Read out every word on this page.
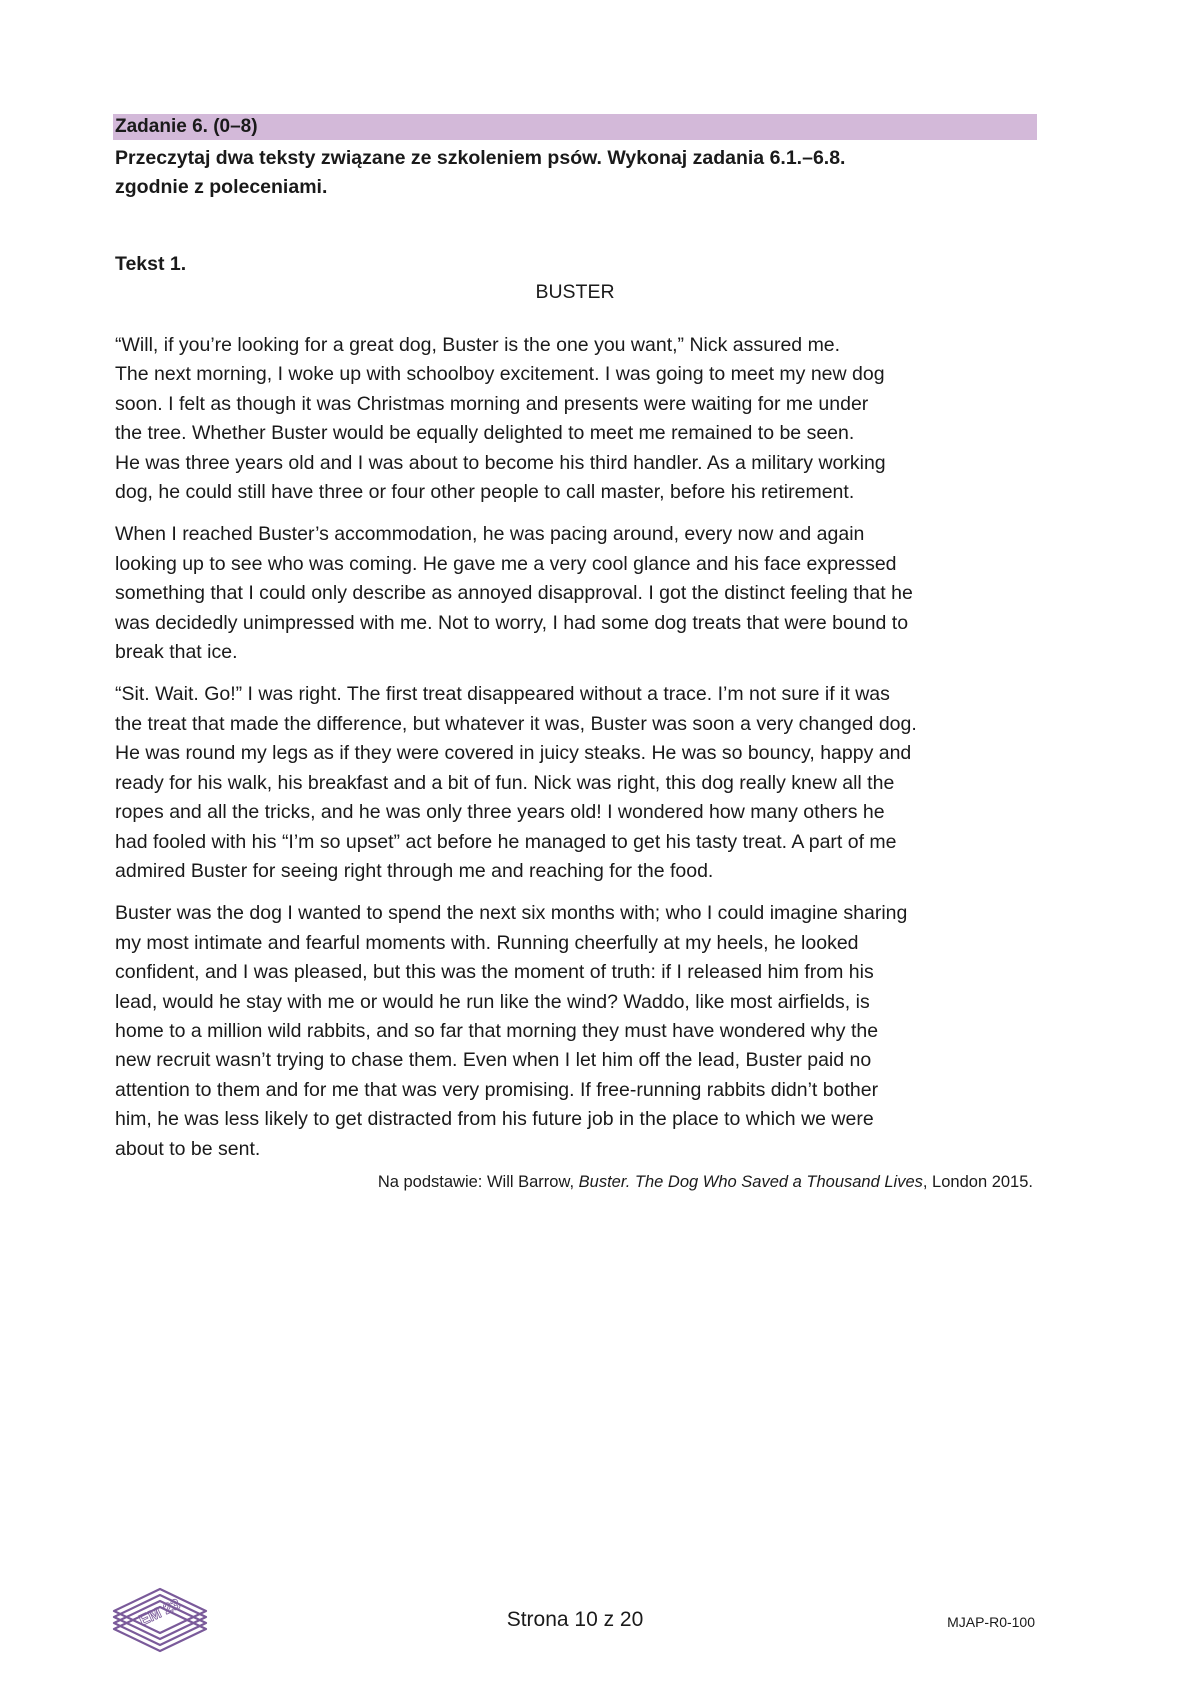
Zadanie 6. (0–8)
Przeczytaj dwa teksty związane ze szkoleniem psów. Wykonaj zadania 6.1.–6.8.
zgodnie z poleceniami.
Tekst 1.
BUSTER

“Will, if you’re looking for a great dog, Buster is the one you want,” Nick assured me.
The next morning, I woke up with schoolboy excitement. I was going to meet my new dog
soon. I felt as though it was Christmas morning and presents were waiting for me under
the tree. Whether Buster would be equally delighted to meet me remained to be seen.
He was three years old and I was about to become his third handler. As a military working
dog, he could still have three or four other people to call master, before his retirement.

When I reached Buster’s accommodation, he was pacing around, every now and again
looking up to see who was coming. He gave me a very cool glance and his face expressed
something that I could only describe as annoyed disapproval. I got the distinct feeling that he
was decidedly unimpressed with me. Not to worry, I had some dog treats that were bound to
break that ice.

“Sit. Wait. Go!” I was right. The first treat disappeared without a trace. I’m not sure if it was
the treat that made the difference, but whatever it was, Buster was soon a very changed dog.
He was round my legs as if they were covered in juicy steaks. He was so bouncy, happy and
ready for his walk, his breakfast and a bit of fun. Nick was right, this dog really knew all the
ropes and all the tricks, and he was only three years old! I wondered how many others he
had fooled with his “I’m so upset” act before he managed to get his tasty treat. A part of me
admired Buster for seeing right through me and reaching for the food.

Buster was the dog I wanted to spend the next six months with; who I could imagine sharing
my most intimate and fearful moments with. Running cheerfully at my heels, he looked
confident, and I was pleased, but this was the moment of truth: if I released him from his
lead, would he stay with me or would he run like the wind? Waddo, like most airfields, is
home to a million wild rabbits, and so far that morning they must have wondered why the
new recruit wasn’t trying to chase them. Even when I let him off the lead, Buster paid no
attention to them and for me that was very promising. If free-running rabbits didn’t bother
him, he was less likely to get distracted from his future job in the place to which we were
about to be sent.

Na podstawie: Will Barrow, Buster. The Dog Who Saved a Thousand Lives, London 2015.
EM 23	Strona 10 z 20	MJAP-R0-100
